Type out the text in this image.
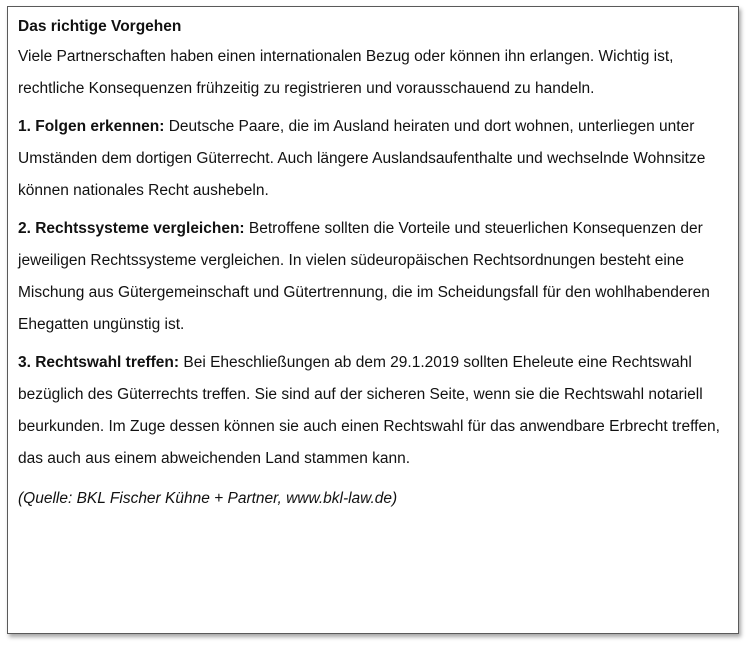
Das richtige Vorgehen

Viele Partnerschaften haben einen internationalen Bezug oder können ihn erlangen. Wichtig ist, rechtliche Konsequenzen frühzeitig zu registrieren und vorausschauend zu handeln.

1. Folgen erkennen: Deutsche Paare, die im Ausland heiraten und dort wohnen, unterliegen unter Umständen dem dortigen Güterrecht. Auch längere Auslandsaufenthalte und wechselnde Wohnsitze können nationales Recht aushebeln.

2. Rechtssysteme vergleichen: Betroffene sollten die Vorteile und steuerlichen Konsequenzen der jeweiligen Rechtssysteme vergleichen. In vielen südeuropäischen Rechtsordnungen besteht eine Mischung aus Gütergemeinschaft und Gütertrennung, die im Scheidungsfall für den wohlhabenderen Ehegatten ungünstig ist.

3. Rechtswahl treffen: Bei Eheschließungen ab dem 29.1.2019 sollten Eheleute eine Rechtswahl bezüglich des Güterrechts treffen. Sie sind auf der sicheren Seite, wenn sie die Rechtswahl notariell beurkunden. Im Zuge dessen können sie auch einen Rechtswahl für das anwendbare Erbrecht treffen, das auch aus einem abweichenden Land stammen kann.

(Quelle: BKL Fischer Kühne + Partner, www.bkl-law.de)
